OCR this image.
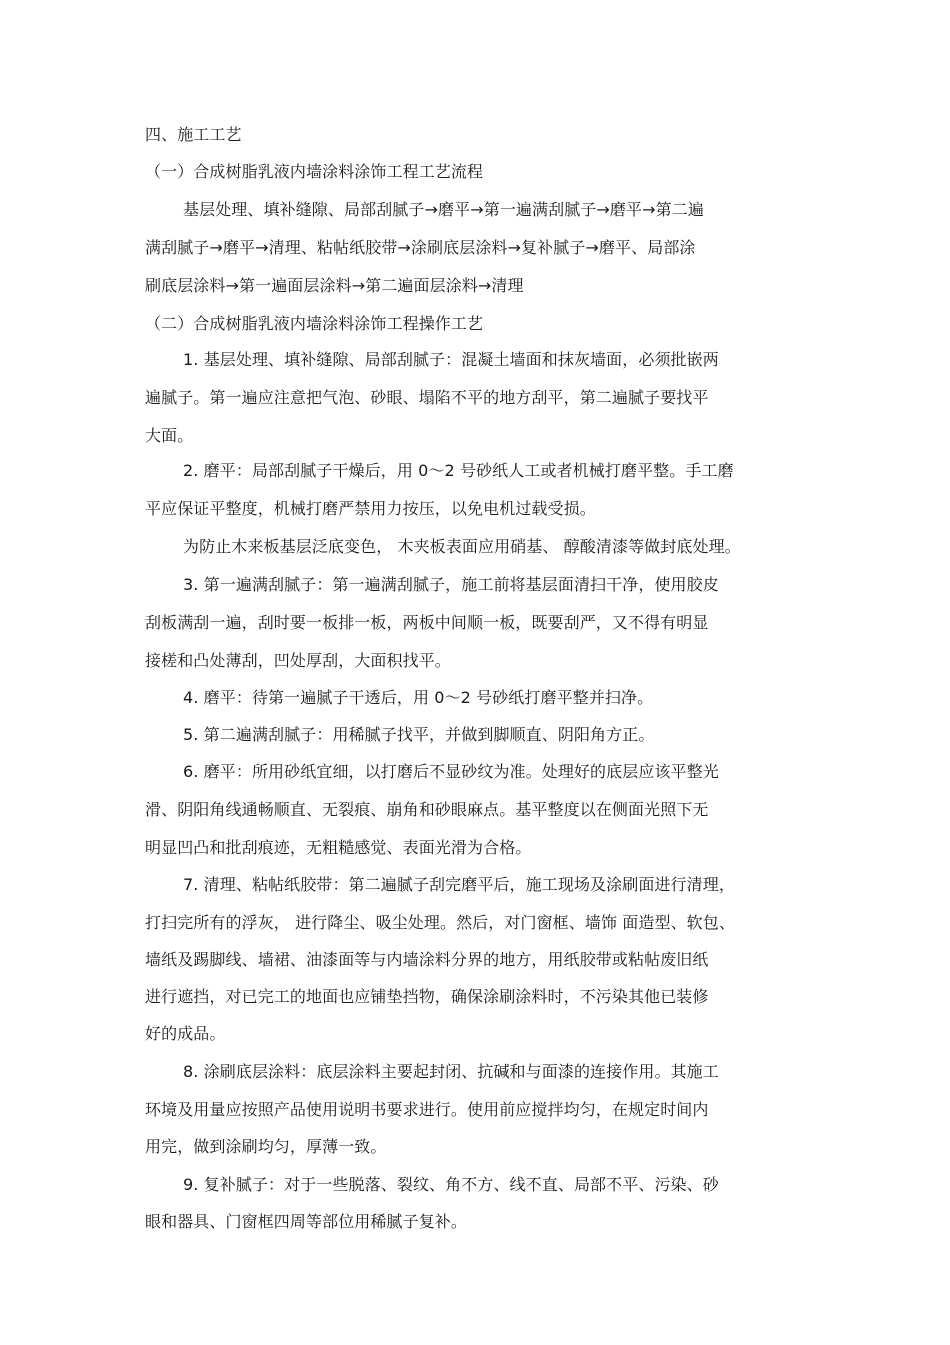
四、施工工艺
（一）合成树脂乳液内墙涂料涂饰工程工艺流程
基层处理、填补缝隙、局部刮腻子→磨平→第一遍满刮腻子→磨平→第二遍
满刮腻子→磨平→清理、粘帖纸胶带→涂刷底层涂料→复补腻子→磨平、局部涂
刷底层涂料→第一遍面层涂料→第二遍面层涂料→清理
（二）合成树脂乳液内墙涂料涂饰工程操作工艺
1. 基层处理、填补缝隙、局部刮腻子：混凝土墙面和抹灰墙面，必须批嵌两
遍腻子。第一遍应注意把气泡、砂眼、塌陷不平的地方刮平，第二遍腻子要找平
大面。
2. 磨平：局部刮腻子干燥后，用 0～2 号砂纸人工或者机械打磨平整。手工磨
平应保证平整度，机械打磨严禁用力按压，以免电机过载受损。
为防止木来板基层泛底变色， 木夹板表面应用硝基、 醇酸清漆等做封底处理。
3. 第一遍满刮腻子：第一遍满刮腻子，施工前将基层面清扫干净，使用胶皮
刮板满刮一遍，刮时要一板排一板，两板中间顺一板，既要刮严，又不得有明显
接槎和凸处薄刮，凹处厚刮，大面积找平。
4. 磨平：待第一遍腻子干透后，用 0～2 号砂纸打磨平整并扫净。
5. 第二遍满刮腻子：用稀腻子找平，并做到脚顺直、阴阳角方正。
6. 磨平：所用砂纸宜细，以打磨后不显砂纹为准。处理好的底层应该平整光
滑、阴阳角线通畅顺直、无裂痕、崩角和砂眼麻点。基平整度以在侧面光照下无
明显凹凸和批刮痕迹，无粗糙感觉、表面光滑为合格。
7. 清理、粘帖纸胶带：第二遍腻子刮完磨平后，施工现场及涂刷面进行清理，
打扫完所有的浮灰， 进行降尘、吸尘处理。然后，对门窗框、墙饰 面造型、软包、
墙纸及踢脚线、墙裙、油漆面等与内墙涂料分界的地方，用纸胶带或粘帖废旧纸
进行遮挡，对已完工的地面也应铺垫挡物，确保涂刷涂料时，不污染其他已装修
好的成品。
8. 涂刷底层涂料：底层涂料主要起封闭、抗碱和与面漆的连接作用。其施工
环境及用量应按照产品使用说明书要求进行。使用前应搅拌均匀，在规定时间内
用完，做到涂刷均匀，厚薄一致。
9. 复补腻子：对于一些脱落、裂纹、角不方、线不直、局部不平、污染、砂
眼和器具、门窗框四周等部位用稀腻子复补。
